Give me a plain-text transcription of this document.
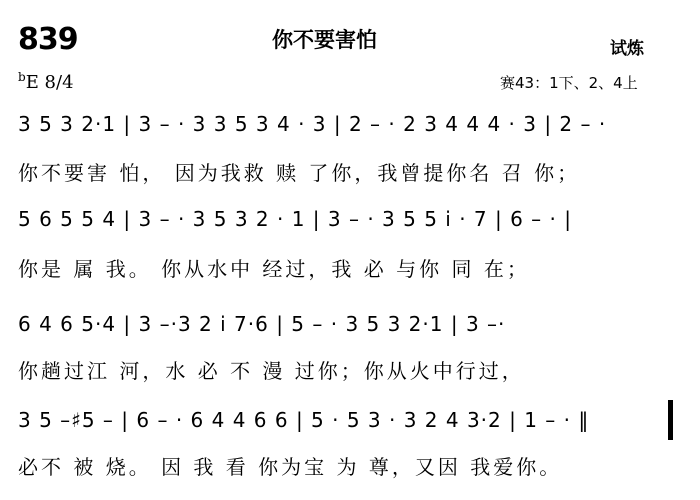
839	你不要害怕	试炼
$^b$E 8/4	赛43：1下、2、4上
3 5 3 2·1 | 3 – · 3 3 5 3 4 · 3 | 2 – · 2 3 4 4 4 · 3 | 2 – ·
你不要害 怕， 因为我救 赎 了你，我曾提你名 召 你；
5 6 5 5 4 | 3 – · 3 5 3 2 · 1 | 3 – · 3 5 5 i · 7 | 6 – · |
你是 属 我。 你从水中 经过，我 必 与你 同 在；
6 4 6 5·4 | 3 –·3 2 i 7·6 | 5 – · 3 5 3 2·1 | 3 –·
你趟过江 河，水 必 不 漫 过你；你从火中行过，
3 5 –♯5 – | 6 – · 6 4 4 6 6 | 5 · 5 3 · 3 2 4 3·2 | 1 – · ‖
必不 被 烧。 因 我 看 你为宝 为 尊，又因 我爱你。
